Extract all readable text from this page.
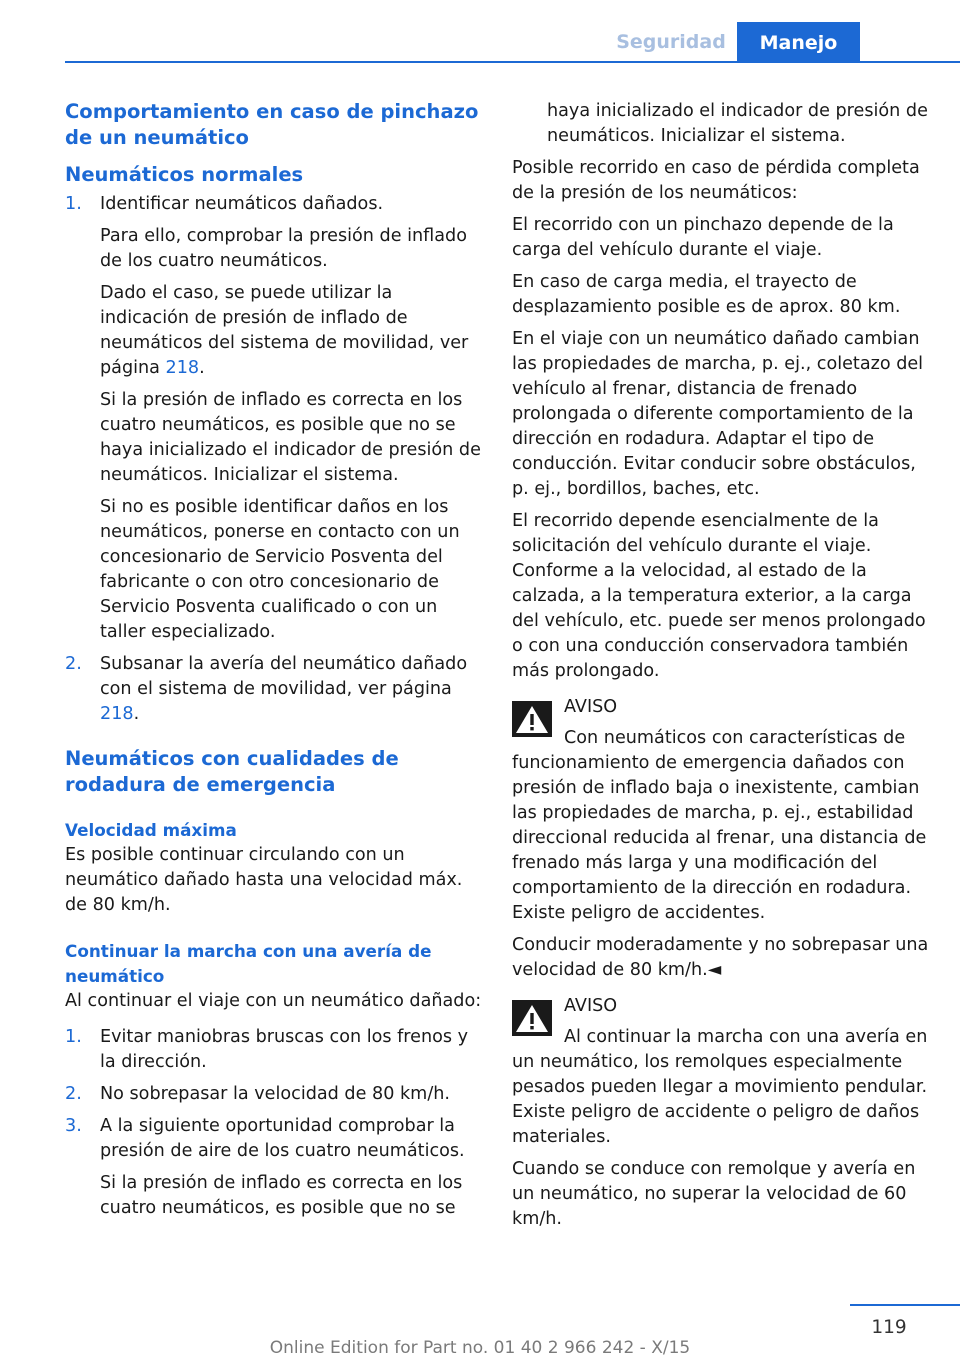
Seguridad	Manejo
Comportamiento en caso de pinchazo de un neumático
Neumáticos normales
1. Identificar neumáticos dañados.
Para ello, comprobar la presión de inflado de los cuatro neumáticos.
Dado el caso, se puede utilizar la indicación de presión de inflado de neumáticos del sistema de movilidad, ver página 218.
Si la presión de inflado es correcta en los cuatro neumáticos, es posible que no se haya inicializado el indicador de presión de neumáticos. Inicializar el sistema.
Si no es posible identificar daños en los neumáticos, ponerse en contacto con un concesionario de Servicio Posventa del fabricante o con otro concesionario de Servicio Posventa cualificado o con un taller especializado.
2. Subsanar la avería del neumático dañado con el sistema de movilidad, ver página 218.
Neumáticos con cualidades de rodadura de emergencia
Velocidad máxima
Es posible continuar circulando con un neumático dañado hasta una velocidad máx. de 80 km/h.
Continuar la marcha con una avería de neumático
Al continuar el viaje con un neumático dañado:
1. Evitar maniobras bruscas con los frenos y la dirección.
2. No sobrepasar la velocidad de 80 km/h.
3. A la siguiente oportunidad comprobar la presión de aire de los cuatro neumáticos.
Si la presión de inflado es correcta en los cuatro neumáticos, es posible que no se
haya inicializado el indicador de presión de neumáticos. Inicializar el sistema.
Posible recorrido en caso de pérdida completa de la presión de los neumáticos:
El recorrido con un pinchazo depende de la carga del vehículo durante el viaje.
En caso de carga media, el trayecto de desplazamiento posible es de aprox. 80 km.
En el viaje con un neumático dañado cambian las propiedades de marcha, p. ej., coletazo del vehículo al frenar, distancia de frenado prolongada o diferente comportamiento de la dirección en rodadura. Adaptar el tipo de conducción. Evitar conducir sobre obstáculos, p. ej., bordillos, baches, etc.
El recorrido depende esencialmente de la solicitación del vehículo durante el viaje. Conforme a la velocidad, al estado de la calzada, a la temperatura exterior, a la carga del vehículo, etc. puede ser menos prolongado o con una conducción conservadora también más prolongado.
AVISO
Con neumáticos con características de funcionamiento de emergencia dañados con presión de inflado baja o inexistente, cambian las propiedades de marcha, p. ej., estabilidad direccional reducida al frenar, una distancia de frenado más larga y una modificación del comportamiento de la dirección en rodadura. Existe peligro de accidentes.
Conducir moderadamente y no sobrepasar una velocidad de 80 km/h.◄
AVISO
Al continuar la marcha con una avería en un neumático, los remolques especialmente pesados pueden llegar a movimiento pendular. Existe peligro de accidente o peligro de daños materiales.
Cuando se conduce con remolque y avería en un neumático, no superar la velocidad de 60 km/h.
119
Online Edition for Part no. 01 40 2 966 242 - X/15
